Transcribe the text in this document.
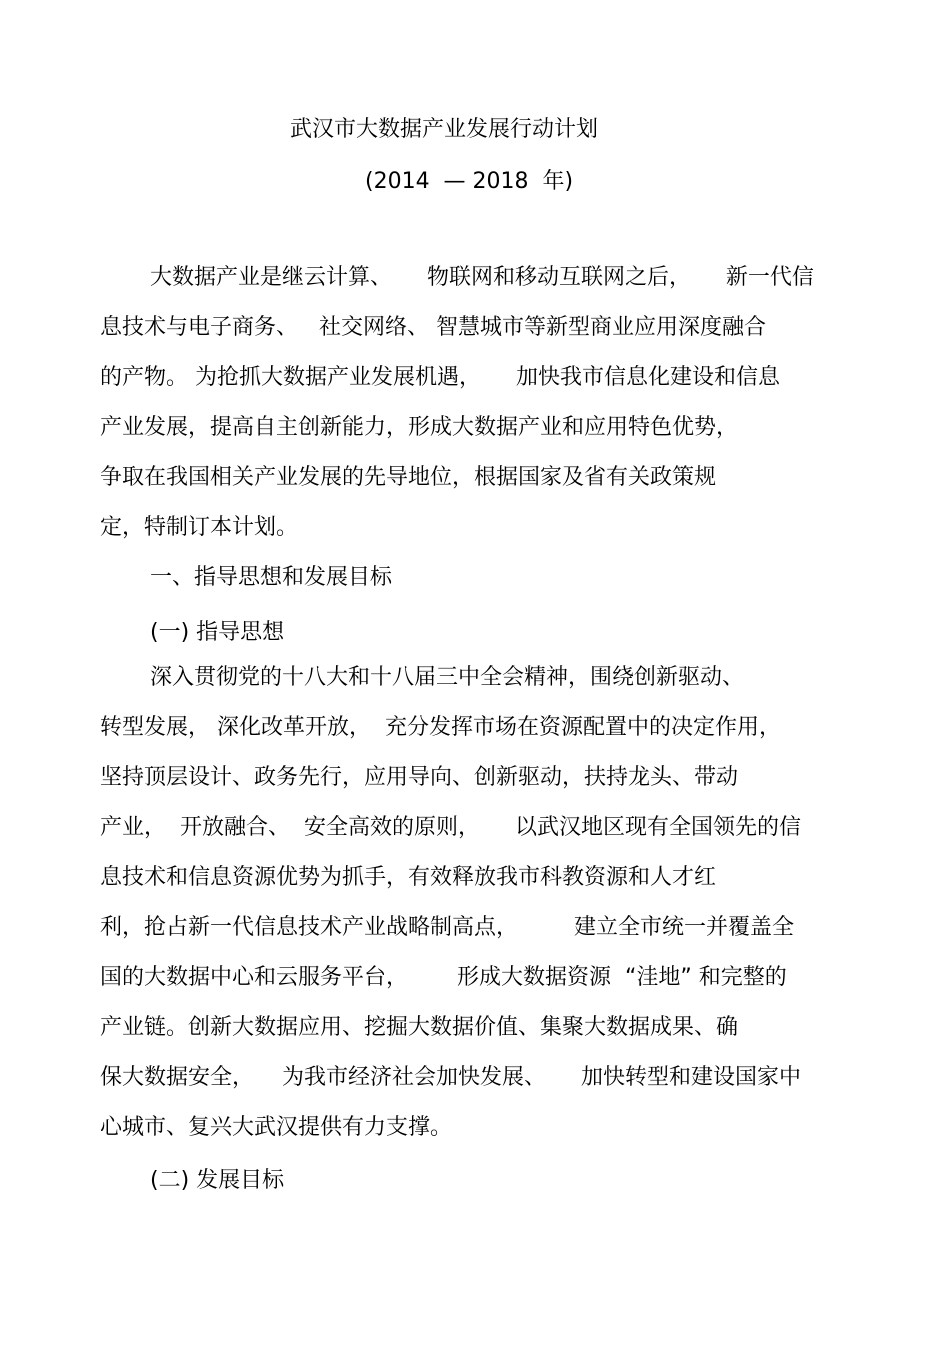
武汉市大数据产业发展行动计划
(2014  — 2018  年)
大数据产业是继云计算、     物联网和移动互联网之后，     新一代信
息技术与电子商务、   社交网络、 智慧城市等新型商业应用深度融合
的产物。 为抢抓大数据产业发展机遇，     加快我市信息化建设和信息
产业发展，提高自主创新能力，形成大数据产业和应用特色优势，
争取在我国相关产业发展的先导地位，根据国家及省有关政策规
定，特制订本计划。
一、指导思想和发展目标
(一) 指导思想
深入贯彻党的十八大和十八届三中全会精神，围绕创新驱动、
转型发展， 深化改革开放，  充分发挥市场在资源配置中的决定作用，
坚持顶层设计、政务先行，应用导向、创新驱动，扶持龙头、带动
产业，  开放融合、  安全高效的原则，     以武汉地区现有全国领先的信
息技术和信息资源优势为抓手，有效释放我市科教资源和人才红
利，抢占新一代信息技术产业战略制高点，        建立全市统一并覆盖全
国的大数据中心和云服务平台，       形成大数据资源  “洼地” 和完整的
产业链。创新大数据应用、挖掘大数据价值、集聚大数据成果、确
保大数据安全，    为我市经济社会加快发展、     加快转型和建设国家中
心城市、复兴大武汉提供有力支撑。
(二) 发展目标
